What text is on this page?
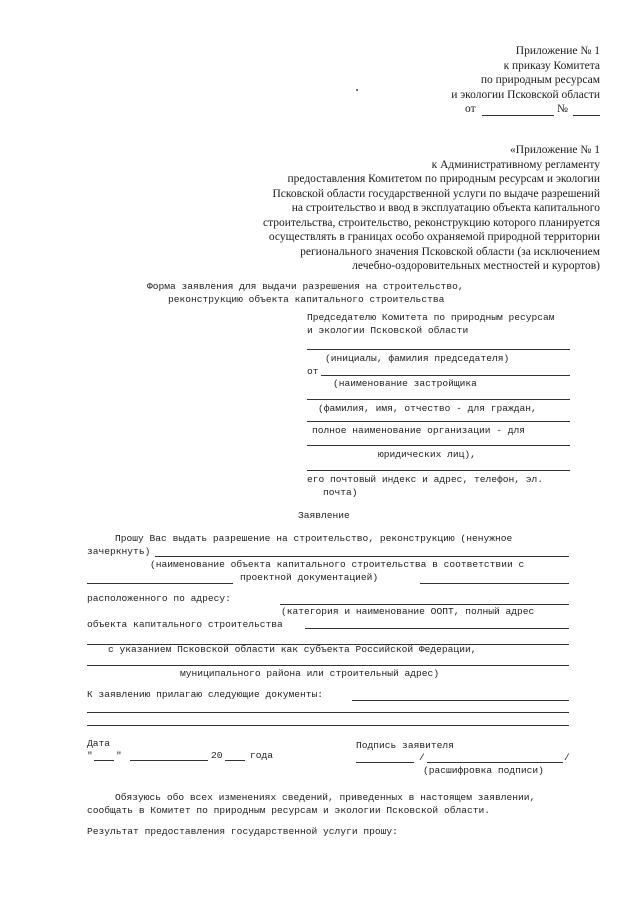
Приложение № 1
к приказу Комитета
по природным ресурсам
и экологии Псковской области
от	№
«Приложение № 1
к Административному регламенту
предоставления Комитетом по природным ресурсам и экологии
Псковской области государственной услуги по выдаче разрешений
на строительство и ввод в эксплуатацию объекта капитального
строительства, строительство, реконструкцию которого планируется
осуществлять в границах особо охраняемой природной территории
регионального значения Псковской области (за исключением
лечебно-оздоровительных местностей и курортов)
Форма заявления для выдачи разрешения на строительство,
реконструкцию объекта капитального строительства
Председателю Комитета по природным ресурсам
и экологии Псковской области
(инициалы, фамилия председателя)
от
(наименование застройщика
(фамилия, имя, отчество - для граждан,
полное наименование организации - для
юридических лиц),
его почтовый индекс и адрес, телефон, эл.
почта)
Заявление
Прошу Вас выдать разрешение на строительство, реконструкцию (ненужное
зачеркнуть)
(наименование объекта капитального строительства в соответствии с
проектной документацией)
расположенного по адресу:
(категория и наименование ООПТ, полный адрес
объекта капитального строительства
с указанием Псковской области как субъекта Российской Федерации,
муниципального района или строительный адрес)
К заявлению прилагаю следующие документы:
Дата
" "	20	года
Подпись заявителя
/	/
(расшифровка подписи)
Обязуюсь обо всех изменениях сведений, приведенных в настоящем заявлении,
сообщать в Комитет по природным ресурсам и экологии Псковской области.
Результат предоставления государственной услуги прошу:
